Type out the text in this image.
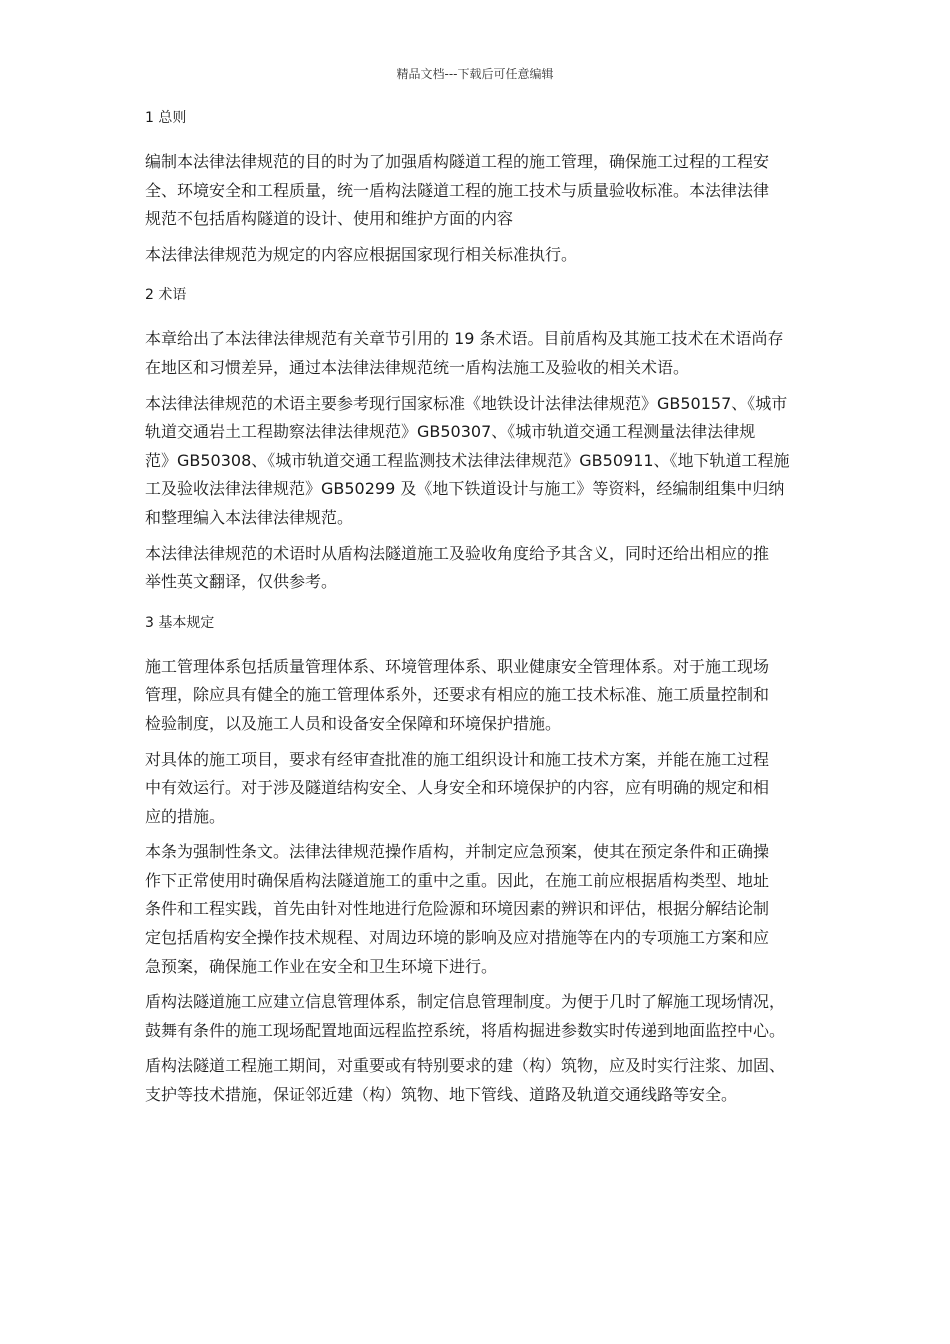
精品文档---下载后可任意编辑
1 总则

编制本法律法律规范的目的时为了加强盾构隧道工程的施工管理，确保施工过程的工程安
全、环境安全和工程质量，统一盾构法隧道工程的施工技术与质量验收标准。本法律法律
规范不包括盾构隧道的设计、使用和维护方面的内容

本法律法律规范为规定的内容应根据国家现行相关标准执行。

2 术语

本章给出了本法律法律规范有关章节引用的 19 条术语。目前盾构及其施工技术在术语尚存
在地区和习惯差异，通过本法律法律规范统一盾构法施工及验收的相关术语。

本法律法律规范的术语主要参考现行国家标准《地铁设计法律法律规范》GB50157、《城市
轨道交通岩土工程勘察法律法律规范》GB50307、《城市轨道交通工程测量法律法律规
范》GB50308、《城市轨道交通工程监测技术法律法律规范》GB50911、《地下轨道工程施
工及验收法律法律规范》GB50299 及《地下铁道设计与施工》等资料，经编制组集中归纳
和整理编入本法律法律规范。

本法律法律规范的术语时从盾构法隧道施工及验收角度给予其含义，同时还给出相应的推
举性英文翻译，仅供参考。

3 基本规定

施工管理体系包括质量管理体系、环境管理体系、职业健康安全管理体系。对于施工现场
管理，除应具有健全的施工管理体系外，还要求有相应的施工技术标准、施工质量控制和
检验制度，以及施工人员和设备安全保障和环境保护措施。

对具体的施工项目，要求有经审查批准的施工组织设计和施工技术方案，并能在施工过程
中有效运行。对于涉及隧道结构安全、人身安全和环境保护的内容，应有明确的规定和相
应的措施。

本条为强制性条文。法律法律规范操作盾构，并制定应急预案，使其在预定条件和正确操
作下正常使用时确保盾构法隧道施工的重中之重。因此，在施工前应根据盾构类型、地址
条件和工程实践，首先由针对性地进行危险源和环境因素的辨识和评估，根据分解结论制
定包括盾构安全操作技术规程、对周边环境的影响及应对措施等在内的专项施工方案和应
急预案，确保施工作业在安全和卫生环境下进行。

盾构法隧道施工应建立信息管理体系，制定信息管理制度。为便于几时了解施工现场情况，
鼓舞有条件的施工现场配置地面远程监控系统，将盾构掘进参数实时传递到地面监控中心。

盾构法隧道工程施工期间，对重要或有特别要求的建（构）筑物，应及时实行注浆、加固、
支护等技术措施，保证邻近建（构）筑物、地下管线、道路及轨道交通线路等安全。
